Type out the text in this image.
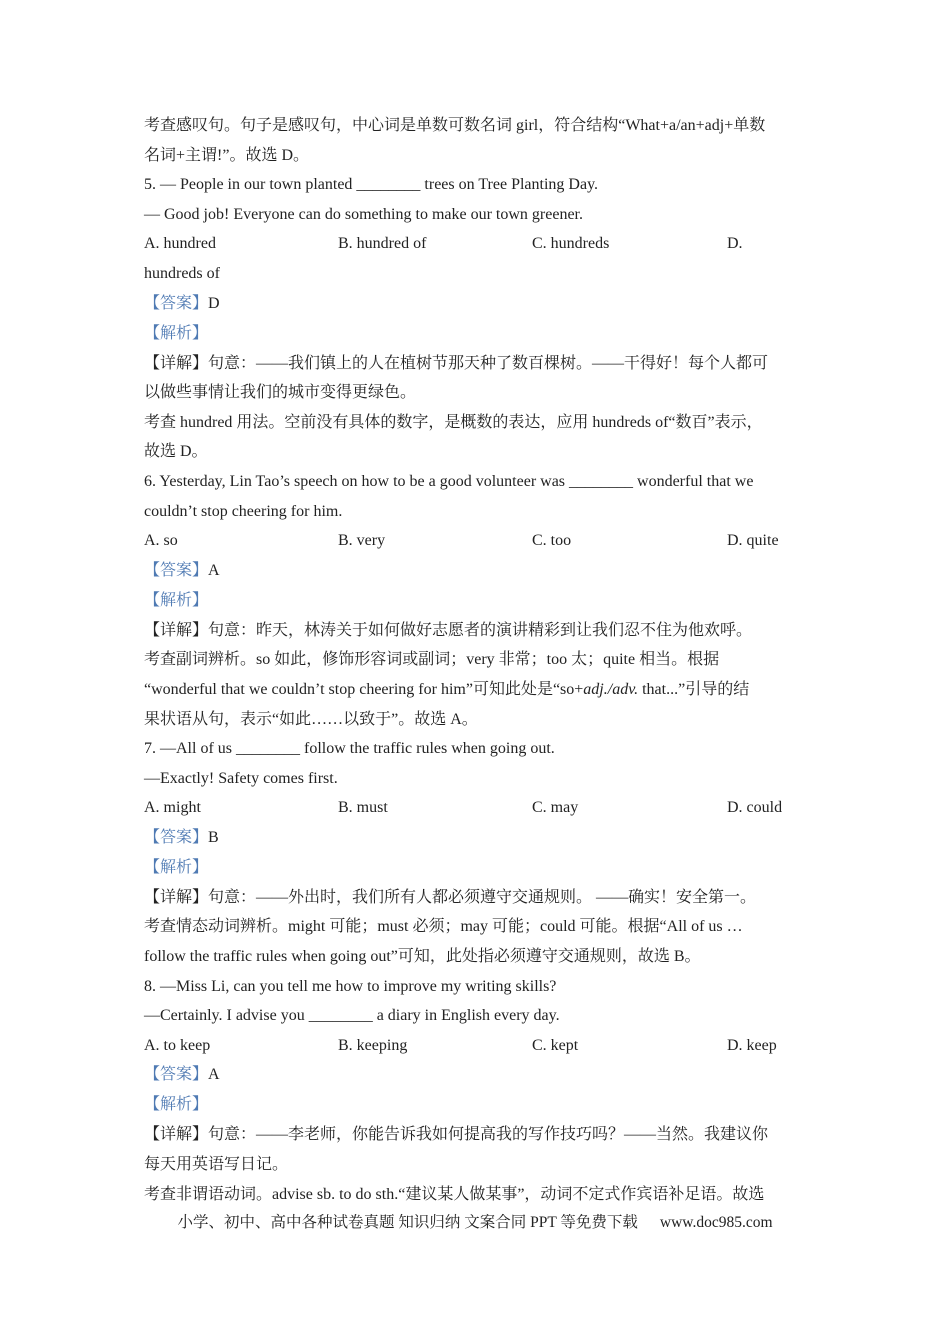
考查感叹句。句子是感叹句，中心词是单数可数名词 girl，符合结构“What+a/an+adj+单数
名词+主谓!”。故选 D。
5. — People in our town planted ________ trees on Tree Planting Day.
— Good job! Everyone can do something to make our town greener.
A. hundred	B. hundred of	C. hundreds	D.
hundreds of
【答案】D
【解析】
【详解】句意：——我们镇上的人在植树节那天种了数百棵树。——干得好！每个人都可
以做些事情让我们的城市变得更绿色。
考查 hundred 用法。空前没有具体的数字，是概数的表达，应用 hundreds of“数百”表示，
故选 D。
6. Yesterday, Lin Tao’s speech on how to be a good volunteer was ________ wonderful that we
couldn’t stop cheering for him.
A. so	B. very	C. too	D. quite
【答案】A
【解析】
【详解】句意：昨天，林涛关于如何做好志愿者的演讲精彩到让我们忍不住为他欢呼。
考查副词辨析。so 如此，修饰形容词或副词；very 非常；too 太；quite 相当。根据
“wonderful that we couldn’t stop cheering for him”可知此处是“so+adj./adv. that...”引导的结
果状语从句，表示“如此……以致于”。故选 A。
7. —All of us ________ follow the traffic rules when going out.
—Exactly! Safety comes first.
A. might	B. must	C. may	D. could
【答案】B
【解析】
【详解】句意：——外出时，我们所有人都必须遵守交通规则。 ——确实！安全第一。
考查情态动词辨析。might 可能；must 必须；may 可能；could 可能。根据“All of us …
follow the traffic rules when going out”可知，此处指必须遵守交通规则，故选 B。
8. —Miss Li, can you tell me how to improve my writing skills?
—Certainly. I advise you ________ a diary in English every day.
A. to keep	B. keeping	C. kept	D. keep
【答案】A
【解析】
【详解】句意：——李老师，你能告诉我如何提高我的写作技巧吗？——当然。我建议你
每天用英语写日记。
考查非谓语动词。advise sb. to do sth.“建议某人做某事”，动词不定式作宾语补足语。故选
小学、初中、高中各种试卷真题 知识归纳 文案合同 PPT 等免费下载 www.doc985.com
